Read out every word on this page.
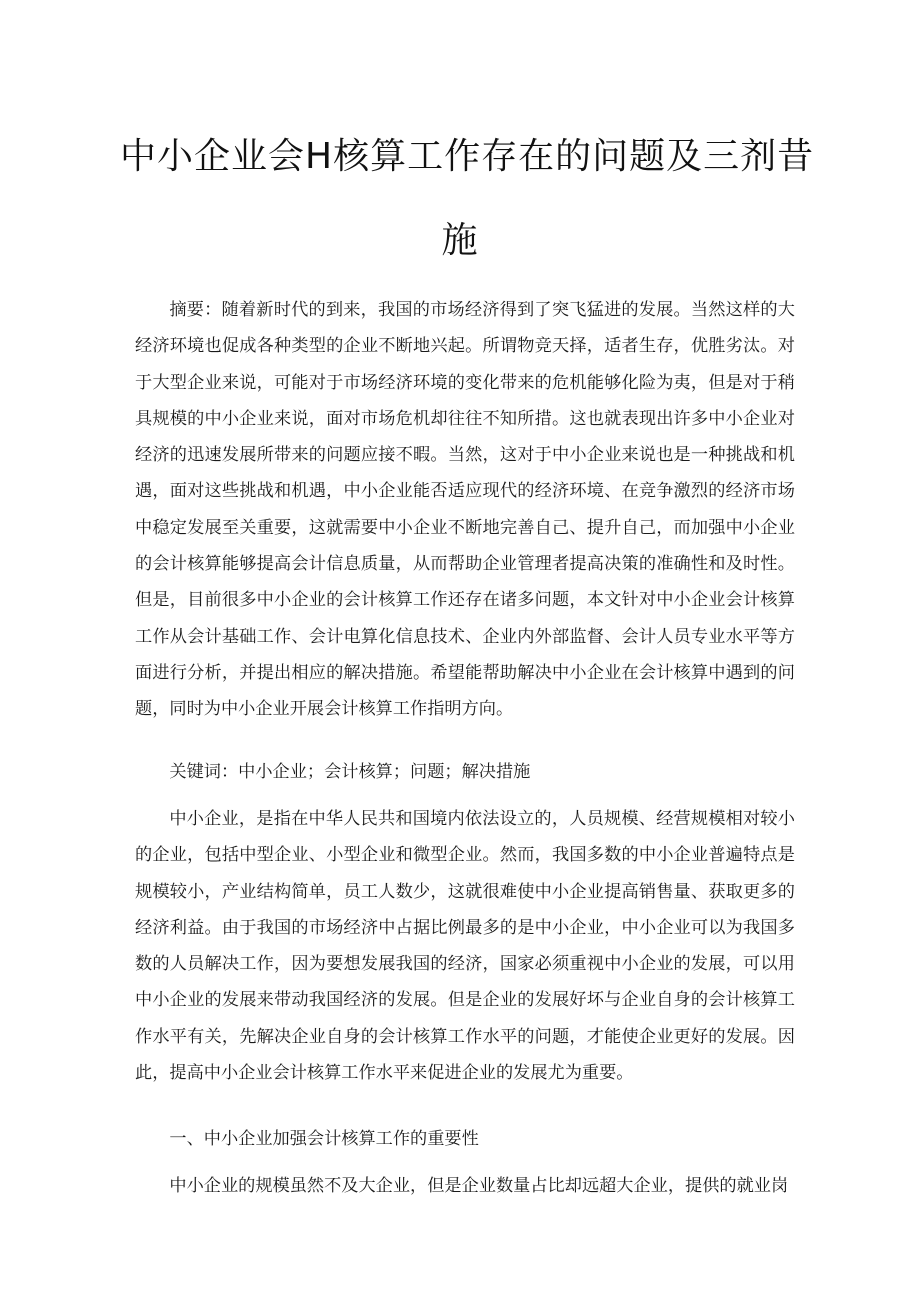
中小企业会H核算工作存在的问题及三剂昔
施

摘要：随着新时代的到来，我国的市场经济得到了突飞猛进的发展。当然这样的大经济环境也促成各种类型的企业不断地兴起。所谓物竞天择，适者生存，优胜劣汰。对于大型企业来说，可能对于市场经济环境的变化带来的危机能够化险为夷，但是对于稍具规模的中小企业来说，面对市场危机却往往不知所措。这也就表现出许多中小企业对经济的迅速发展所带来的问题应接不暇。当然，这对于中小企业来说也是一种挑战和机遇，面对这些挑战和机遇，中小企业能否适应现代的经济环境、在竞争激烈的经济市场中稳定发展至关重要，这就需要中小企业不断地完善自己、提升自己，而加强中小企业的会计核算能够提高会计信息质量，从而帮助企业管理者提高决策的准确性和及时性。但是，目前很多中小企业的会计核算工作还存在诸多问题，本文针对中小企业会计核算工作从会计基础工作、会计电算化信息技术、企业内外部监督、会计人员专业水平等方面进行分析，并提出相应的解决措施。希望能帮助解决中小企业在会计核算中遇到的问题，同时为中小企业开展会计核算工作指明方向。

关键词：中小企业；会计核算；问题；解决措施

中小企业，是指在中华人民共和国境内依法设立的，人员规模、经营规模相对较小的企业，包括中型企业、小型企业和微型企业。然而，我国多数的中小企业普遍特点是规模较小，产业结构简单，员工人数少，这就很难使中小企业提高销售量、获取更多的经济利益。由于我国的市场经济中占据比例最多的是中小企业，中小企业可以为我国多数的人员解决工作，因为要想发展我国的经济，国家必须重视中小企业的发展，可以用中小企业的发展来带动我国经济的发展。但是企业的发展好坏与企业自身的会计核算工作水平有关，先解决企业自身的会计核算工作水平的问题，才能使企业更好的发展。因此，提高中小企业会计核算工作水平来促进企业的发展尤为重要。

一、中小企业加强会计核算工作的重要性

中小企业的规模虽然不及大企业，但是企业数量占比却远超大企业，提供的就业岗
